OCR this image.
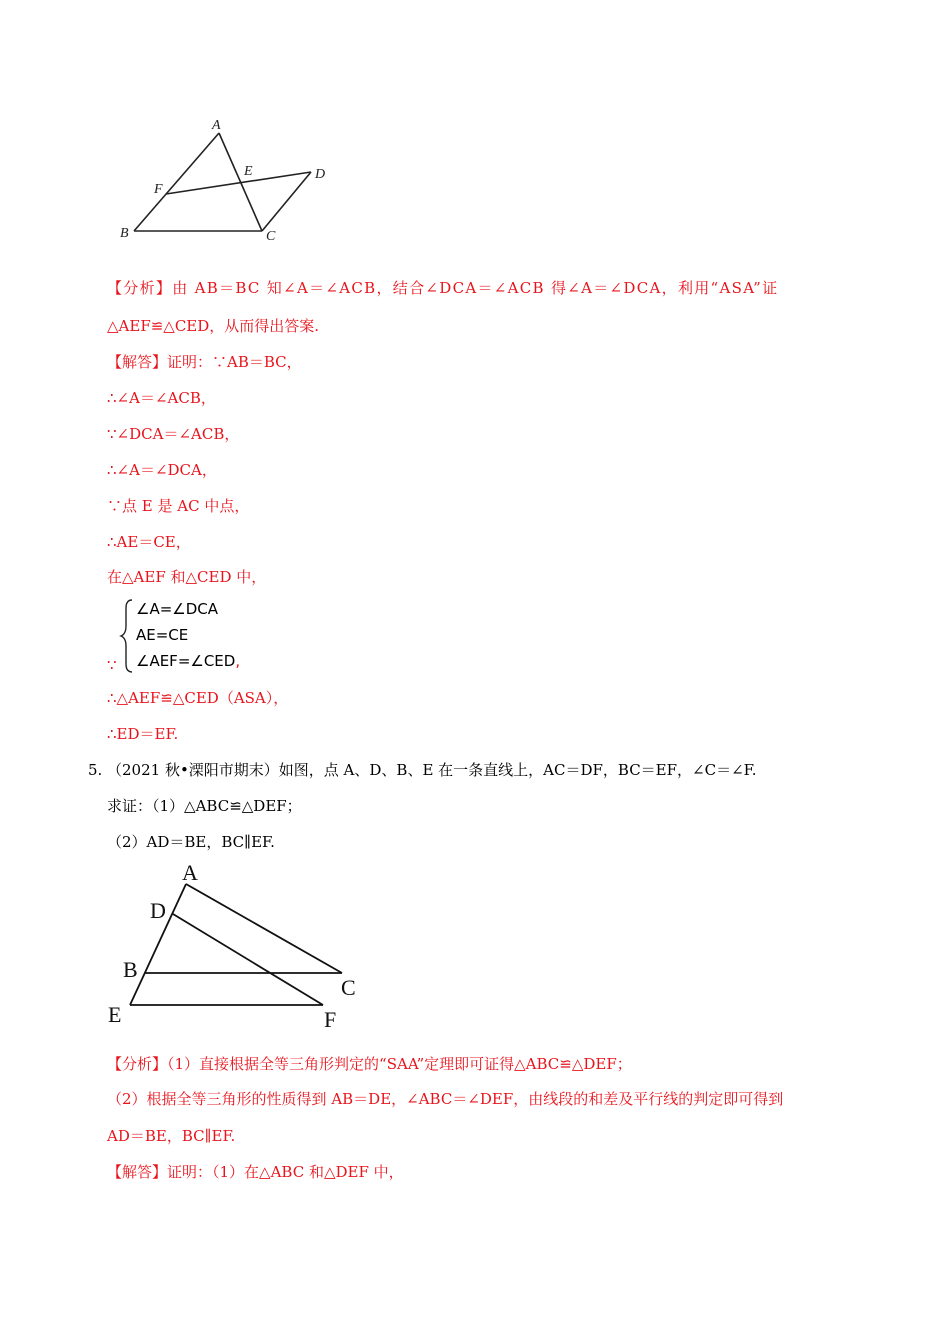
A
B	C
D
E
F
【分析】由 AB＝BC 知∠A＝∠ACB，结合∠DCA＝∠ACB 得∠A＝∠DCA，利用“ASA”证
△AEF≌△CED，从而得出答案.
【解答】证明：∵AB＝BC，
∴∠A＝∠ACB，
∵∠DCA＝∠ACB，
∴∠A＝∠DCA，
∵点 E 是 AC 中点，
∴AE＝CE，
在△AEF 和△CED 中，
∠A=∠DCA
AE=CE
∠AEF=∠CED,
∵
∴△AEF≌△CED（ASA），
∴ED＝EF.
5. （2021 秋•溧阳市期末）如图，点 A、D、B、E 在一条直线上，AC＝DF，BC＝EF，∠C＝∠F.
求证：（1）△ABC≌△DEF；
（2）AD＝BE，BC∥EF.
A
D
B
C
E	F
【分析】（1）直接根据全等三角形判定的“SAA”定理即可证得△ABC≌△DEF；
（2）根据全等三角形的性质得到 AB＝DE，∠ABC＝∠DEF，由线段的和差及平行线的判定即可得到
AD＝BE，BC∥EF.
【解答】证明：（1）在△ABC 和△DEF 中，
